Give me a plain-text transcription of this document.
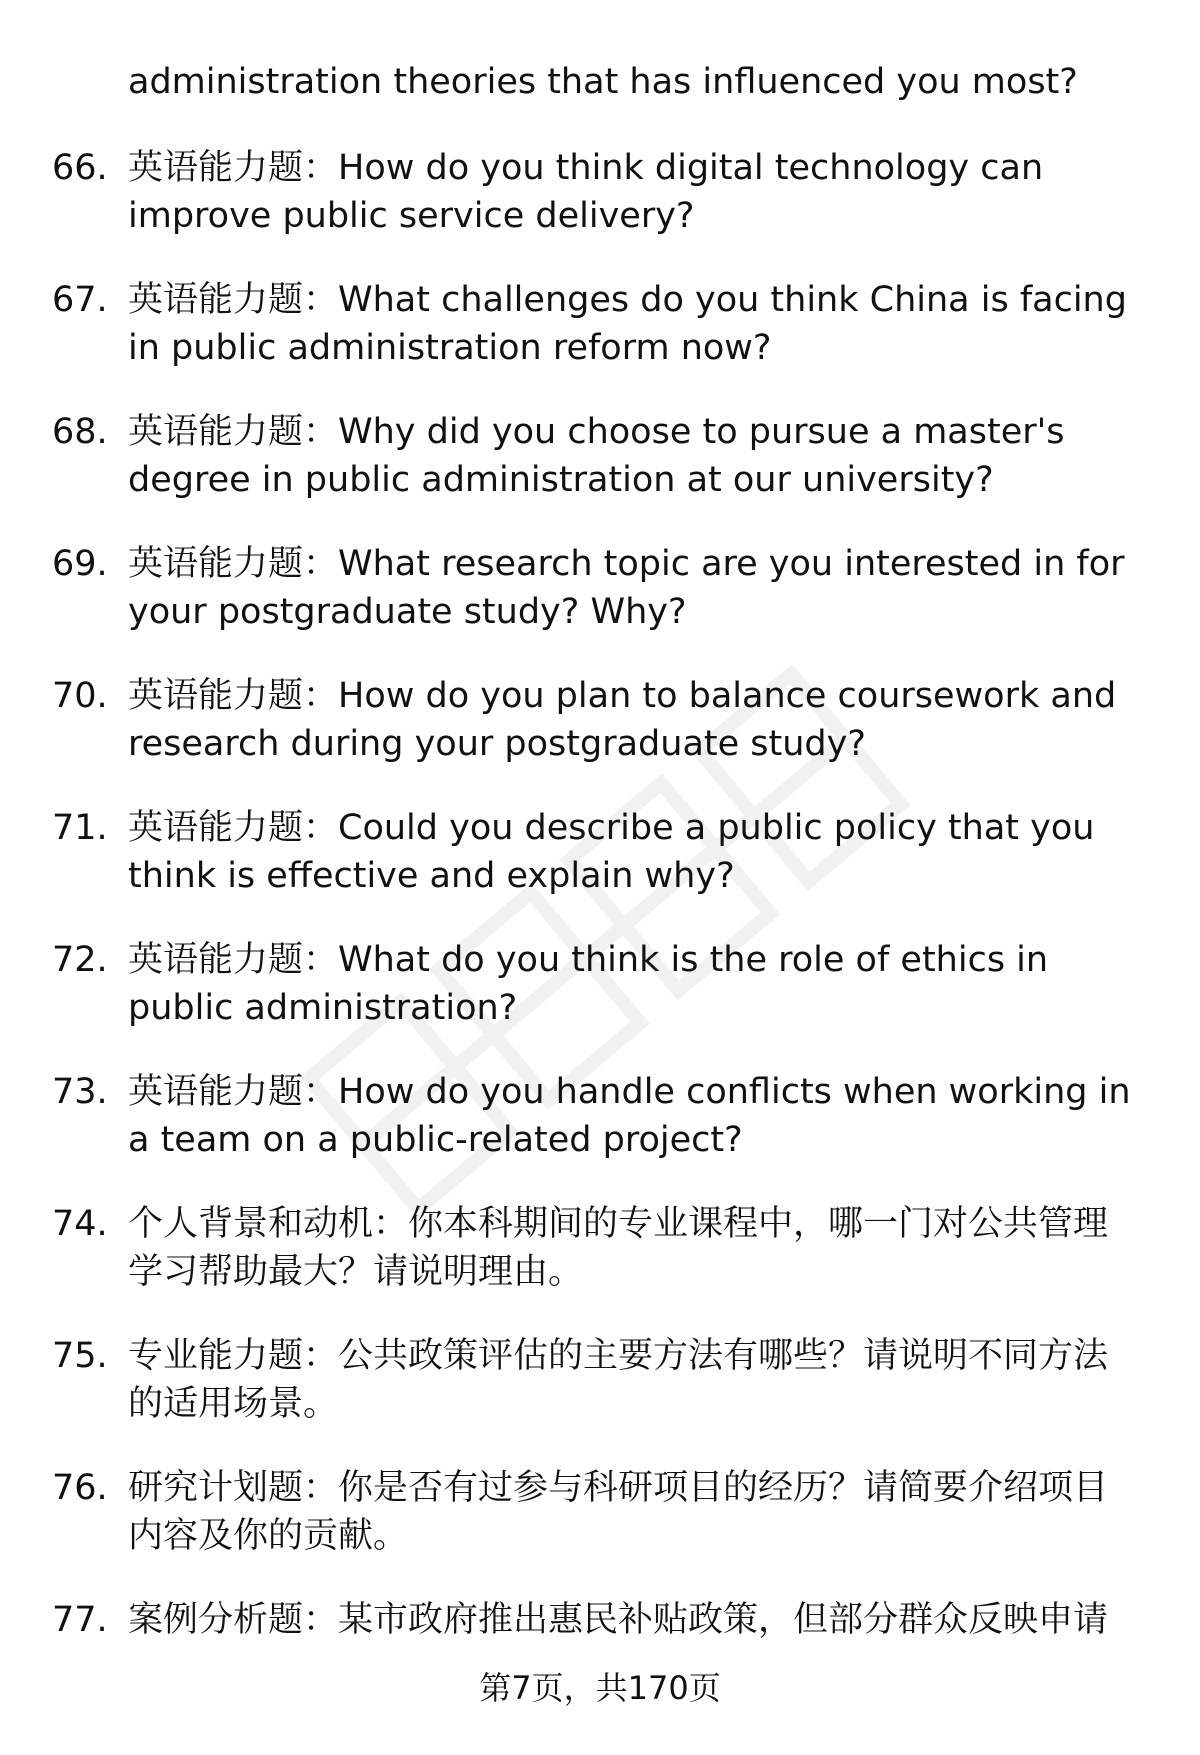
administration theories that has influenced you most?
66. 英语能力题：How do you think digital technology can improve public service delivery?
67. 英语能力题：What challenges do you think China is facing in public administration reform now?
68. 英语能力题：Why did you choose to pursue a master's degree in public administration at our university?
69. 英语能力题：What research topic are you interested in for your postgraduate study? Why?
70. 英语能力题：How do you plan to balance coursework and research during your postgraduate study?
71. 英语能力题：Could you describe a public policy that you think is effective and explain why?
72. 英语能力题：What do you think is the role of ethics in public administration?
73. 英语能力题：How do you handle conflicts when working in a team on a public-related project?
74. 个人背景和动机：你本科期间的专业课程中，哪一门对公共管理学习帮助最大？请说明理由。
75. 专业能力题：公共政策评估的主要方法有哪些？请说明不同方法的适用场景。
76. 研究计划题：你是否有过参与科研项目的经历？请简要介绍项目内容及你的贡献。
77. 案例分析题：某市政府推出惠民补贴政策，但部分群众反映申请
第7页，共170页
